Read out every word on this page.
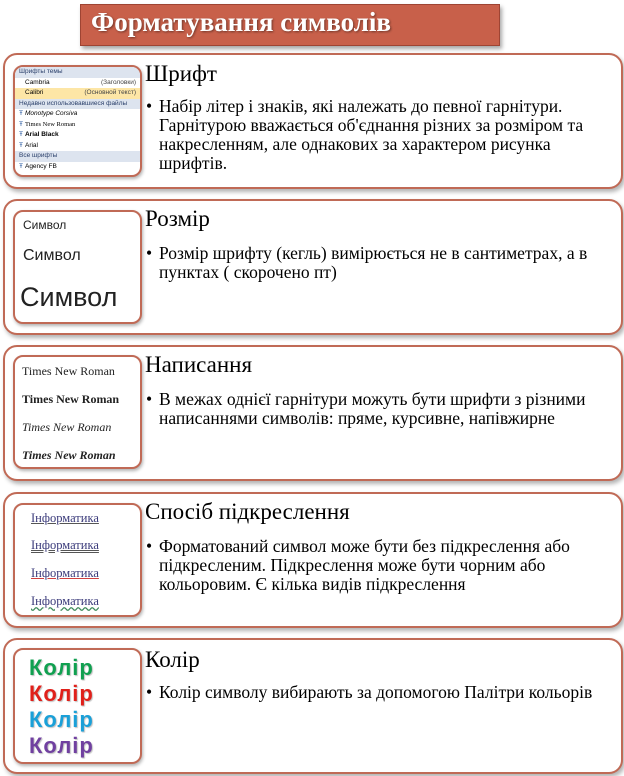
Форматування символів
Шрифты темы
Cambria	(Заголовки)
Calibri	(Основной текст)
Недавно использовавшиеся файлы
Ŧ Monotype Corsiva
Ŧ Times New Roman
Ŧ Arial Black
Ŧ Arial
Все шрифты
Ŧ Agency FB
Шрифт
• Набір літер і знаків, які належать до певної гарнітури. Гарнітурою вважається об'єднання різних за розміром та накресленням, але однакових за характером рисунка шрифтів.
Символ
Символ
Символ
Розмір
• Розмір шрифту (кегль) вимірюється не в сантиметрах, а в пунктах ( скорочено пт)
Times New Roman
Times New Roman
Times New Roman
Times New Roman
Написання
• В межах однієї гарнітури можуть бути шрифти з різними написаннями символів: пряме, курсивне, напівжирне
Інформатика
Інформатика
Інформатика
Інформатика
Спосіб підкреслення
• Форматований символ може бути без підкреслення або підкресленим. Підкреслення може бути чорним або кольоровим. Є кілька видів підкреслення
Колір
Колір
Колір
Колір
Колір
• Колір символу вибирають за допомогою Палітри кольорів
